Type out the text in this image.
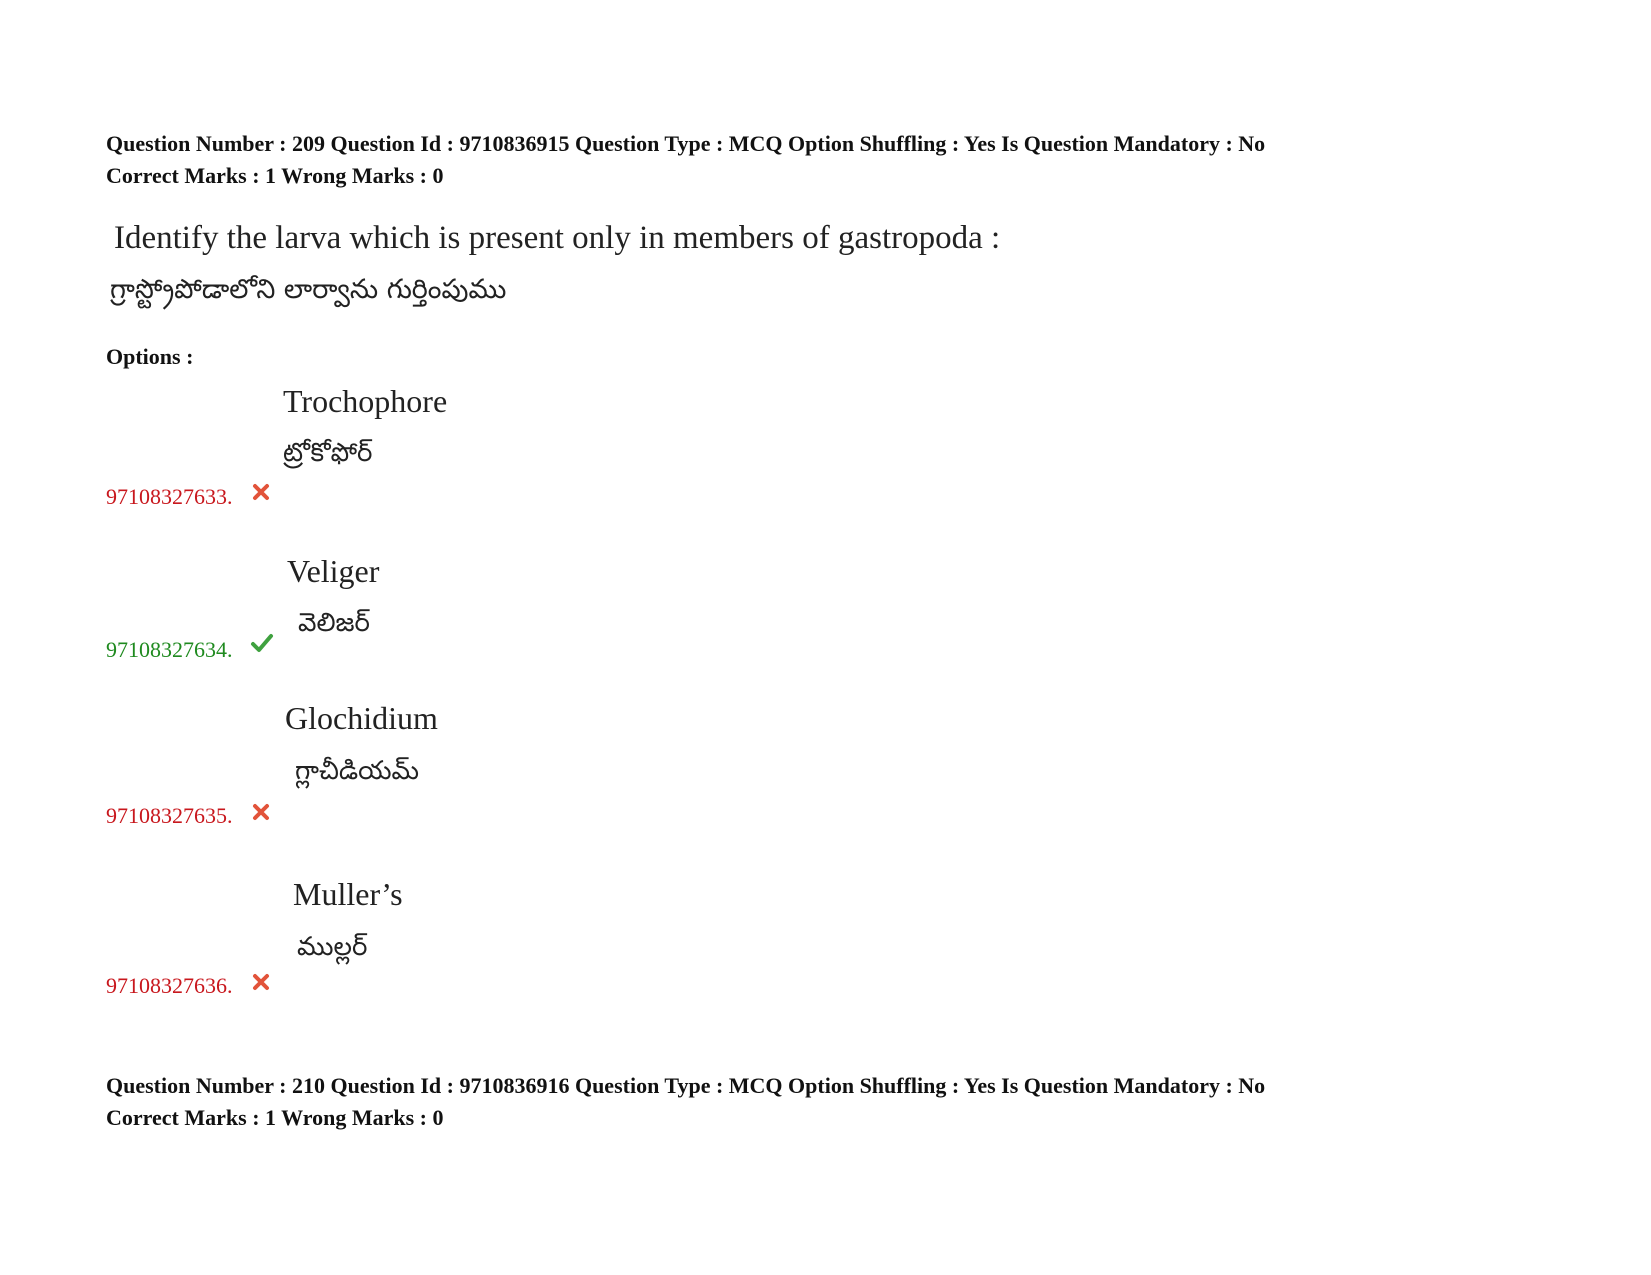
Question Number : 209 Question Id : 9710836915 Question Type : MCQ Option Shuffling : Yes Is Question Mandatory : No
Correct Marks : 1 Wrong Marks : 0
Identify the larva which is present only in members of gastropoda :
గ్రాస్ట్రోపోడాలోని లార్వాను గుర్తింపుము
Options :
Trochophore
ట్రోకోఫోర్
97108327633.
Veliger
వెలిజర్
97108327634.
Glochidium
గ్లాచీడియమ్
97108327635.
Muller’s
ముల్లర్
97108327636.
Question Number : 210 Question Id : 9710836916 Question Type : MCQ Option Shuffling : Yes Is Question Mandatory : No
Correct Marks : 1 Wrong Marks : 0
